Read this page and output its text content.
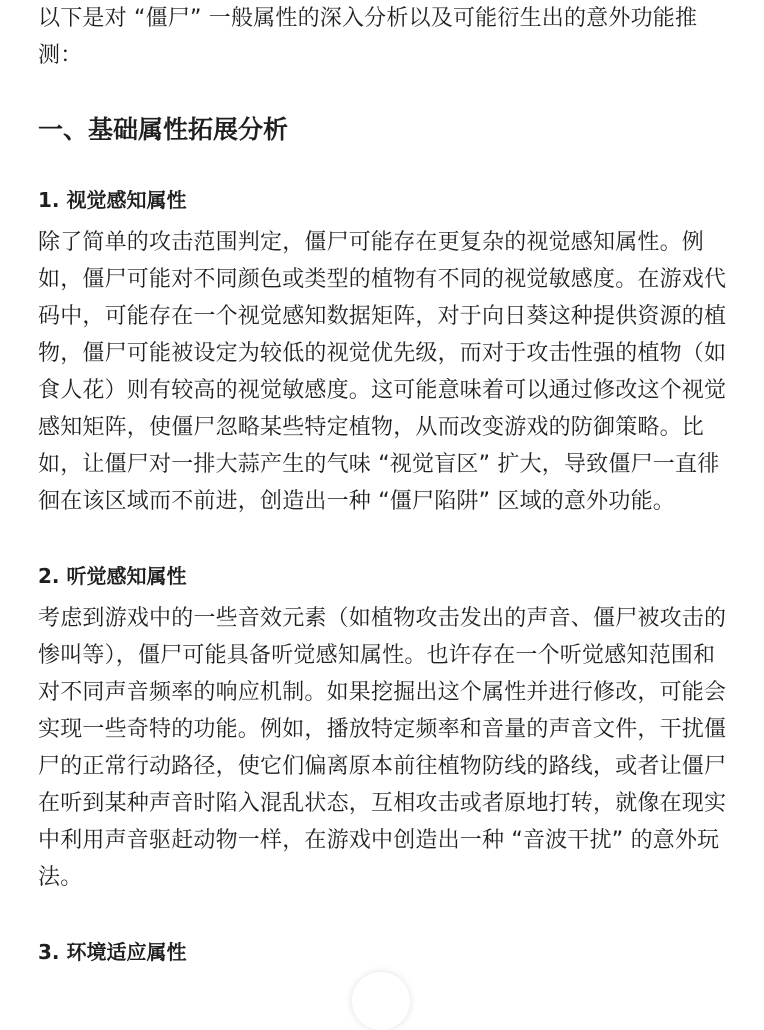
以下是对 “僵尸” 一般属性的深入分析以及可能衍生出的意外功能推测：

一、基础属性拓展分析
1. 视觉感知属性

除了简单的攻击范围判定，僵尸可能存在更复杂的视觉感知属性。例如，僵尸可能对不同颜色或类型的植物有不同的视觉敏感度。在游戏代码中，可能存在一个视觉感知数据矩阵，对于向日葵这种提供资源的植物，僵尸可能被设定为较低的视觉优先级，而对于攻击性强的植物（如食人花）则有较高的视觉敏感度。这可能意味着可以通过修改这个视觉感知矩阵，使僵尸忽略某些特定植物，从而改变游戏的防御策略。比如，让僵尸对一排大蒜产生的气味 “视觉盲区” 扩大，导致僵尸一直徘徊在该区域而不前进，创造出一种 “僵尸陷阱” 区域的意外功能。

2. 听觉感知属性

考虑到游戏中的一些音效元素（如植物攻击发出的声音、僵尸被攻击的惨叫等），僵尸可能具备听觉感知属性。也许存在一个听觉感知范围和对不同声音频率的响应机制。如果挖掘出这个属性并进行修改，可能会实现一些奇特的功能。例如，播放特定频率和音量的声音文件，干扰僵尸的正常行动路径，使它们偏离原本前往植物防线的路线，或者让僵尸在听到某种声音时陷入混乱状态，互相攻击或者原地打转，就像在现实中利用声音驱赶动物一样，在游戏中创造出一种 “音波干扰” 的意外玩法。

3. 环境适应属性
